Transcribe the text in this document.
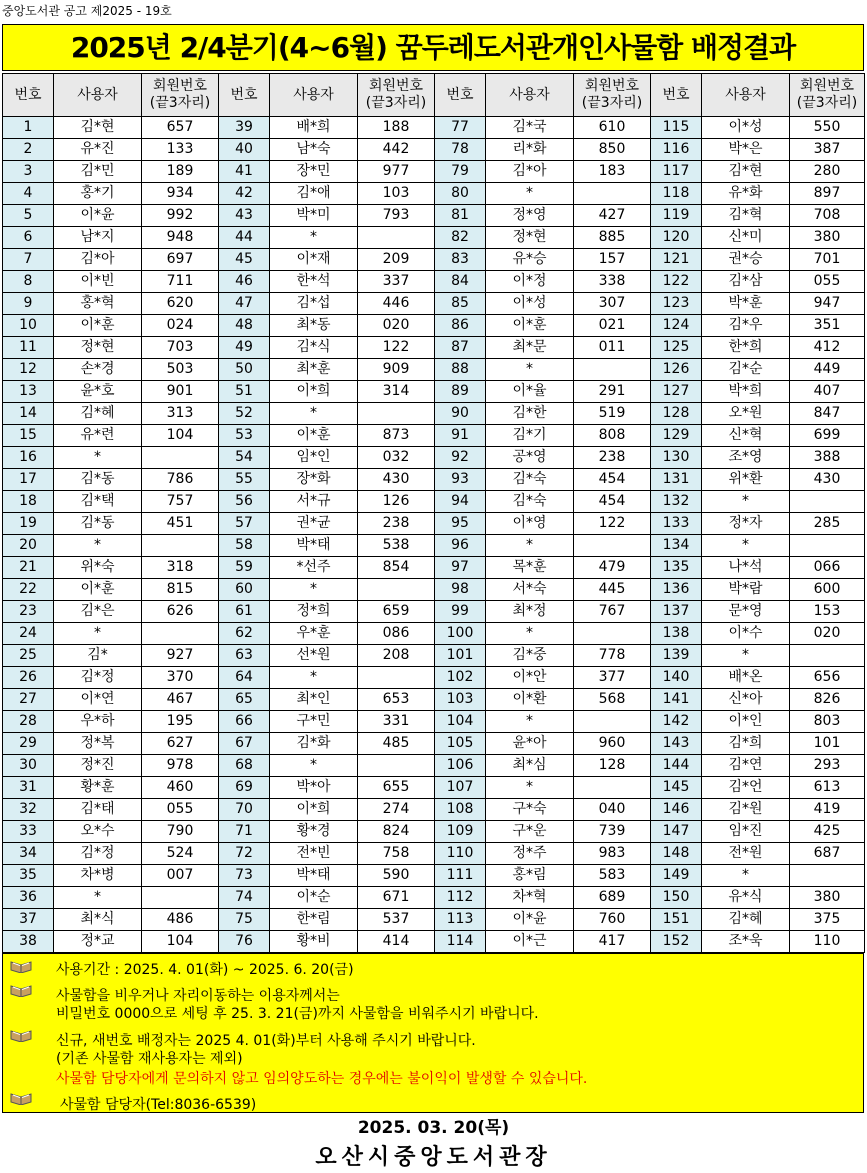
중앙도서관 공고 제2025 - 19호
2025년 2/4분기(4~6월) 꿈두레도서관개인사물함 배정결과
번호	사용자	회원번호
(끝3자리)	번호	사용자	회원번호
(끝3자리)	번호	사용자	회원번호
(끝3자리)	번호	사용자	회원번호
(끝3자리)
1	김*현	657	39	배*희	188	77	김*국	610	115	이*성	550
2	유*진	133	40	남*숙	442	78	리*화	850	116	박*은	387
3	김*민	189	41	장*민	977	79	김*아	183	117	김*현	280
4	홍*기	934	42	김*애	103	80	*		118	유*화	897
5	이*윤	992	43	박*미	793	81	정*영	427	119	김*혁	708
6	남*지	948	44	*		82	정*현	885	120	신*미	380
7	김*아	697	45	이*재	209	83	유*승	157	121	권*승	701
8	이*빈	711	46	한*석	337	84	이*정	338	122	김*삼	055
9	홍*혁	620	47	김*섭	446	85	이*성	307	123	박*훈	947
10	이*훈	024	48	최*동	020	86	이*훈	021	124	김*우	351
11	정*현	703	49	김*식	122	87	최*문	011	125	한*희	412
12	손*경	503	50	최*훈	909	88	*		126	김*순	449
13	윤*호	901	51	이*희	314	89	이*율	291	127	박*희	407
14	김*혜	313	52	*		90	김*한	519	128	오*원	847
15	유*련	104	53	이*훈	873	91	김*기	808	129	신*혁	699
16	*		54	임*인	032	92	공*영	238	130	조*영	388
17	김*동	786	55	장*화	430	93	김*숙	454	131	위*환	430
18	김*택	757	56	서*규	126	94	김*숙	454	132	*	
19	김*동	451	57	권*균	238	95	이*영	122	133	정*자	285
20	*		58	박*태	538	96	*		134	*	
21	위*숙	318	59	*선주	854	97	목*훈	479	135	나*석	066
22	이*훈	815	60	*		98	서*숙	445	136	박*람	600
23	김*은	626	61	정*희	659	99	최*정	767	137	문*영	153
24	*		62	우*훈	086	100	*		138	이*수	020
25	김*	927	63	선*원	208	101	김*중	778	139	*	
26	김*정	370	64	*		102	이*안	377	140	배*온	656
27	이*연	467	65	최*인	653	103	이*환	568	141	신*아	826
28	우*하	195	66	구*민	331	104	*		142	이*인	803
29	정*복	627	67	김*화	485	105	윤*아	960	143	김*희	101
30	정*진	978	68	*		106	최*심	128	144	김*연	293
31	황*훈	460	69	박*아	655	107	*		145	김*언	613
32	김*태	055	70	이*희	274	108	구*숙	040	146	김*원	419
33	오*수	790	71	황*경	824	109	구*운	739	147	임*진	425
34	김*정	524	72	전*빈	758	110	정*주	983	148	전*원	687
35	차*병	007	73	박*태	590	111	홍*림	583	149	*	
36	*		74	이*순	671	112	차*혁	689	150	유*식	380
37	최*식	486	75	한*림	537	113	이*윤	760	151	김*혜	375
38	정*교	104	76	황*비	414	114	이*근	417	152	조*욱	110
사용기간 : 2025. 4. 01(화) ~ 2025. 6. 20(금)
사물함을 비우거나 자리이동하는 이용자께서는
비밀번호 0000으로 세팅 후 25. 3. 21(금)까지 사물함을 비워주시기 바랍니다.
신규, 새번호 배정자는 2025 4. 01(화)부터 사용해 주시기 바랍니다.
(기존 사물함 재사용자는 제외)
사물함 담당자에게 문의하지 않고 임의양도하는 경우에는 불이익이 발생할 수 있습니다.
사물함 담당자(Tel:8036-6539)
2025. 03. 20(목)
오산시중앙도서관장
